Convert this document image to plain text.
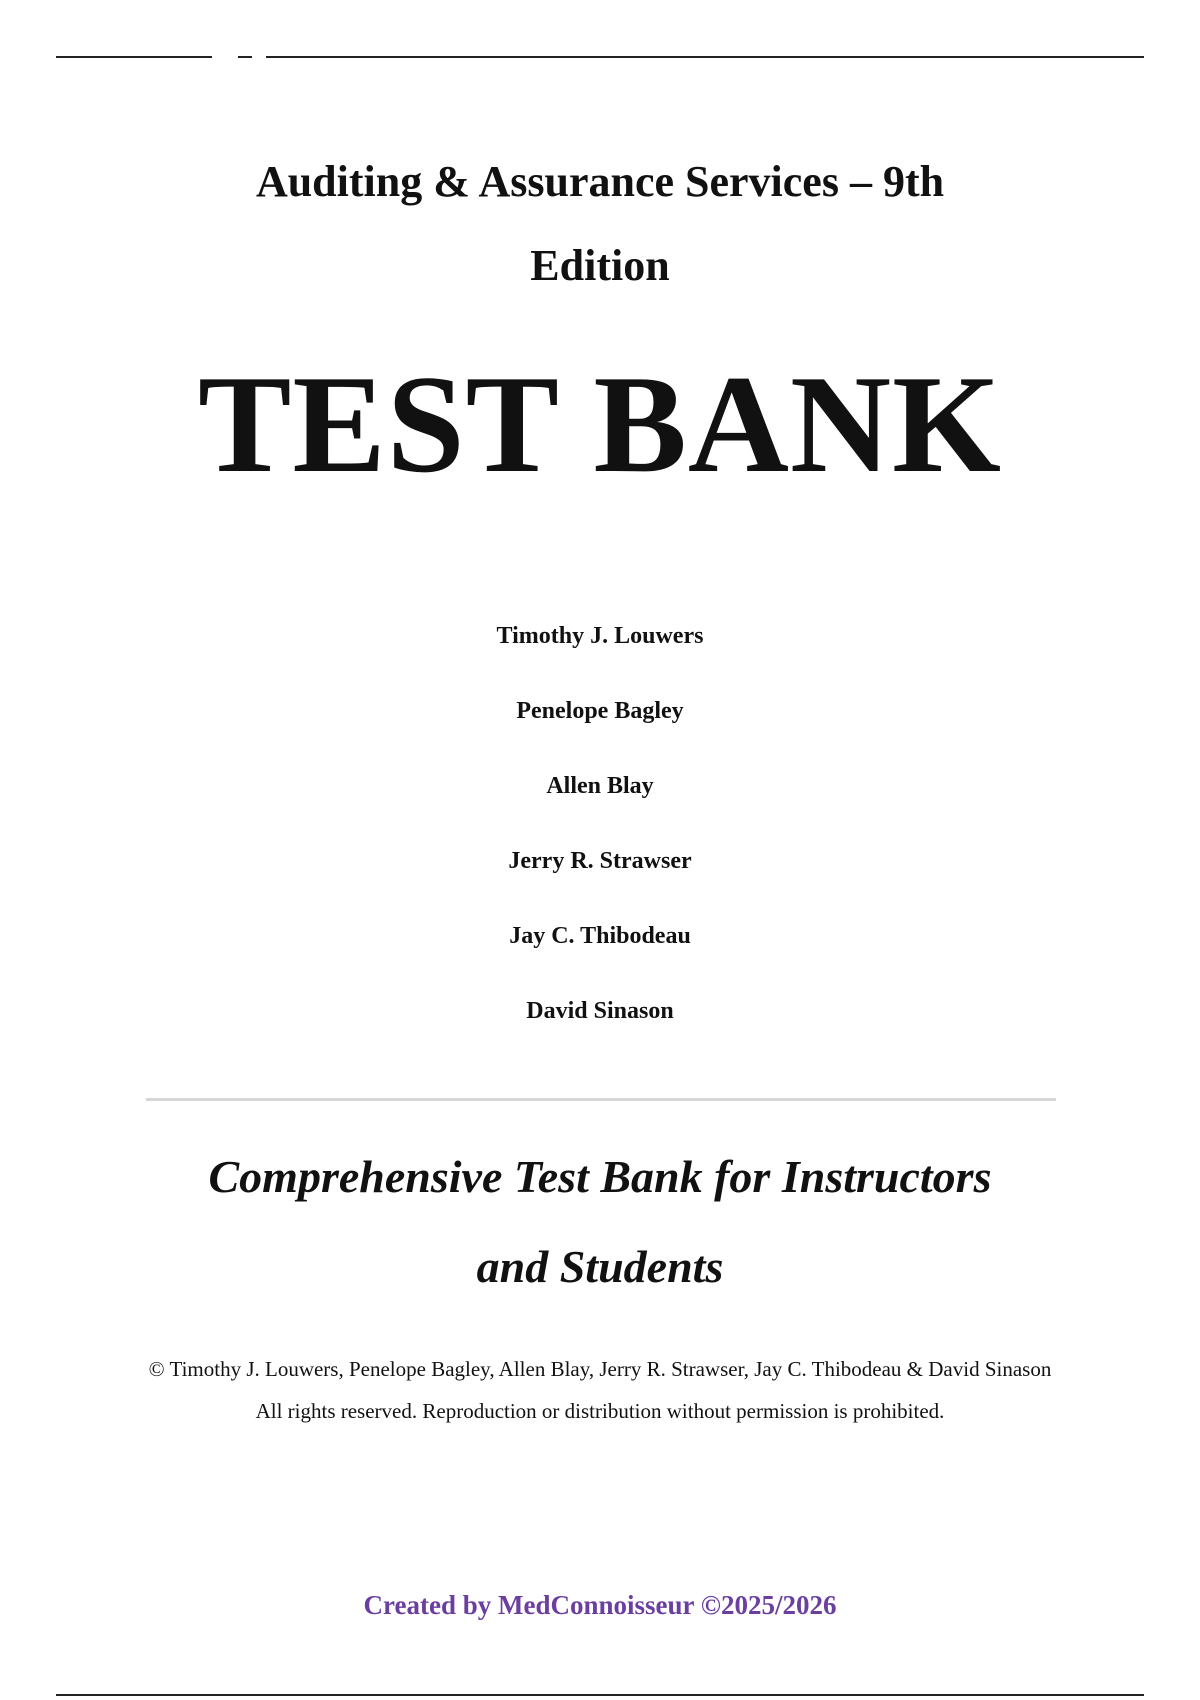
Auditing & Assurance Services – 9th
Edition
TEST BANK
Timothy J. Louwers
Penelope Bagley
Allen Blay
Jerry R. Strawser
Jay C. Thibodeau
David Sinason
Comprehensive Test Bank for Instructors
and Students

© Timothy J. Louwers, Penelope Bagley, Allen Blay, Jerry R. Strawser, Jay C. Thibodeau & David Sinason

All rights reserved. Reproduction or distribution without permission is prohibited.

Created by MedConnoisseur ©2025/2026
